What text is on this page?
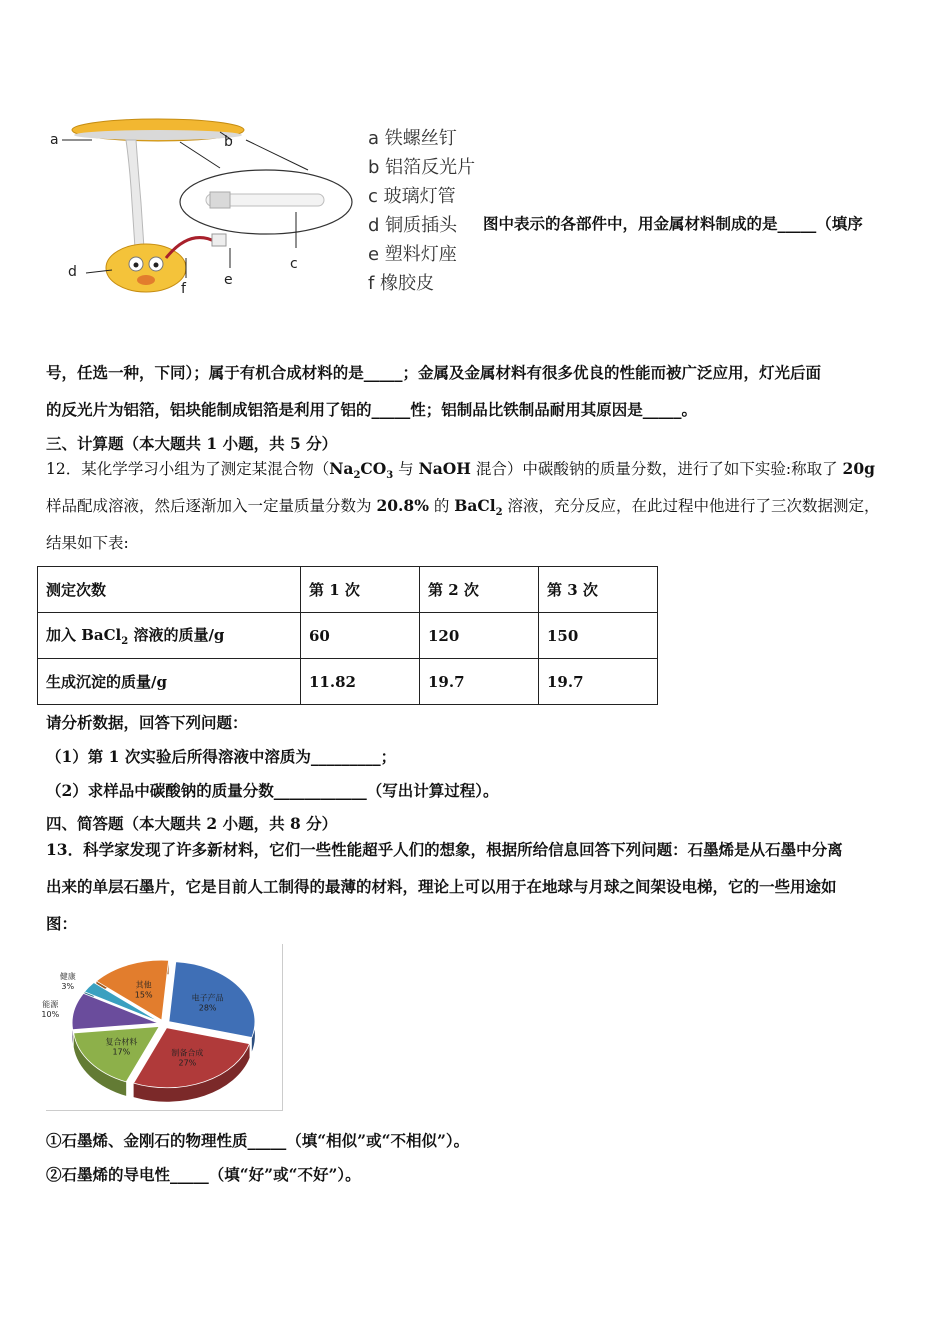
a	b
c
d	e
f
a 铁螺丝钉
b 铝箔反光片
c 玻璃灯管
d 铜质插头
e 塑料灯座
f 橡胶皮
图中表示的各部件中，用金属材料制成的是_____（填序
号，任选一种，下同）；属于有机合成材料的是_____；金属及金属材料有很多优良的性能而被广泛应用，灯光后面
的反光片为铝箔，铝块能制成铝箔是利用了铝的_____性；铝制品比铁制品耐用其原因是_____。
三、计算题（本大题共 1 小题，共 5 分）
12．某化学学习小组为了测定某混合物（$Na_2CO_3$ 与 NaOH 混合）中碳酸钠的质量分数，进行了如下实验:称取了 20g
样品配成溶液，然后逐渐加入一定量质量分数为 20.8% 的 BaCl$_2$ 溶液，充分反应，在此过程中他进行了三次数据测定，
结果如下表:
测定次数	第 1 次	第 2 次	第 3 次
加入 BaCl$_2$ 溶液的质量/g	60	120	150
生成沉淀的质量/g	11.82	19.7	19.7
请分析数据，回答下列问题：
（1）第 1 次实验后所得溶液中溶质为_________；
（2）求样品中碳酸钠的质量分数____________（写出计算过程）。
四、简答题（本大题共 2 小题，共 8 分）
13．科学家发现了许多新材料，它们一些性能超乎人们的想象，根据所给信息回答下列问题：石墨烯是从石墨中分离
出来的单层石墨片，它是目前人工制得的最薄的材料，理论上可以用于在地球与月球之间架设电梯，它的一些用途如
图：
电子产品
28%
制备合成
27%
复合材料
17%
能源
10%
健康
3%	其他
15%
①石墨烯、金刚石的物理性质_____（填“相似”或“不相似”）。
②石墨烯的导电性_____（填“好”或“不好”）。
